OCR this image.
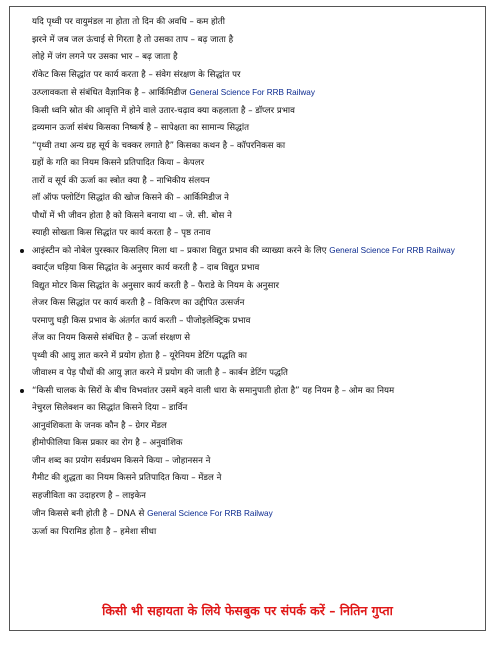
यदि पृथ्वी पर वायुमंडल ना होता तो दिन की अवधि – कम होती
झरने में जब जल ऊंचाई से गिरता है तो उसका ताप – बढ़ जाता है
लोहे में जंग लगने पर उसका भार – बढ़ जाता है
रॉकेट किस सिद्धांत पर कार्य करता है – संवेग संरक्षण के सिद्धांत पर
उत्प्लावकता से संबंधित वैज्ञानिक है – आर्किमिडीज General Science For RRB Railway
किसी ध्वनि स्रोत की आवृत्ति में होने वाले उतार-चढ़ाव क्या कहलाता है – डॉप्लर प्रभाव
द्रव्यमान ऊर्जा संबंध किसका निष्कर्ष है – सापेक्षता का सामान्य सिद्धांत
“पृथ्वी तथा अन्य ग्रह सूर्य के चक्कर लगाते है” किसका कथन है – कॉपरनिकस का
ग्रहों के गति का नियम किसने प्रतिपादित किया – केपलर
तारों व सूर्य की ऊर्जा का स्त्रोत क्या है – नाभिकीय संलयन
लॉ ऑफ फ्लोटिंग सिद्धांत की खोज किसने की – आर्किमिडीज ने
पौधों में भी जीवन होता है को किसने बनाया था – जे. सी. बोस ने
स्याही सोखता किस सिद्धांत पर कार्य करता है – पृष्ठ तनाव
आइंस्टीन को नोबेल पुरस्कार किसलिए मिला था – प्रकाश विद्युत प्रभाव की व्याख्या करने के लिए General Science For RRB Railway
क्वार्ट्ज घड़िया किस सिद्धांत के अनुसार कार्य करती है – दाब विद्युत प्रभाव
विद्युत मोटर किस सिद्धांत के अनुसार कार्य करती है – फैराडे के नियम के अनुसार
लेजर किस सिद्धांत पर कार्य करती है – विकिरण का उद्दीपित उत्सर्जन
परमाणु घड़ी किस प्रभाव के अंतर्गत कार्य करती – पीजोइलेक्ट्रिक प्रभाव
लेंज का नियम किससे संबंधित है – ऊर्जा संरक्षण से
पृथ्वी की आयु ज्ञात करने में प्रयोग होता है – यूरेनियम डेटिंग पद्धति का
जीवाश्म व पेड़ पौधों की आयु ज्ञात करने में प्रयोग की जाती है – कार्बन डेटिंग पद्धति
“किसी चालक के सिरों के बीच विभवांतर उसमें बहने वाली धारा के समानुपाती होता है” यह नियम है – ओम का नियम
नेचुरल सिलेक्शन का सिद्धांत किसने दिया – डार्विन
आनुवंशिकता के जनक कौन है – ग्रेगर मेंडल
हीमोफीलिया किस प्रकार का रोग है – अनुवांशिक
जीन शब्द का प्रयोग सर्वप्रथम किसने किया – जोहानसन ने
गैमीट की शुद्धता का नियम किसने प्रतिपादित किया – मेंडल ने
सहजीविता का उदाहरण है – लाइकेन
जीन किससे बनी होती है – DNA से General Science For RRB Railway
ऊर्जा का पिरामिड होता है – हमेशा सीधा
किसी भी सहायता के लिये फेसबुक पर संपर्क करें – नितिन गुप्ता
